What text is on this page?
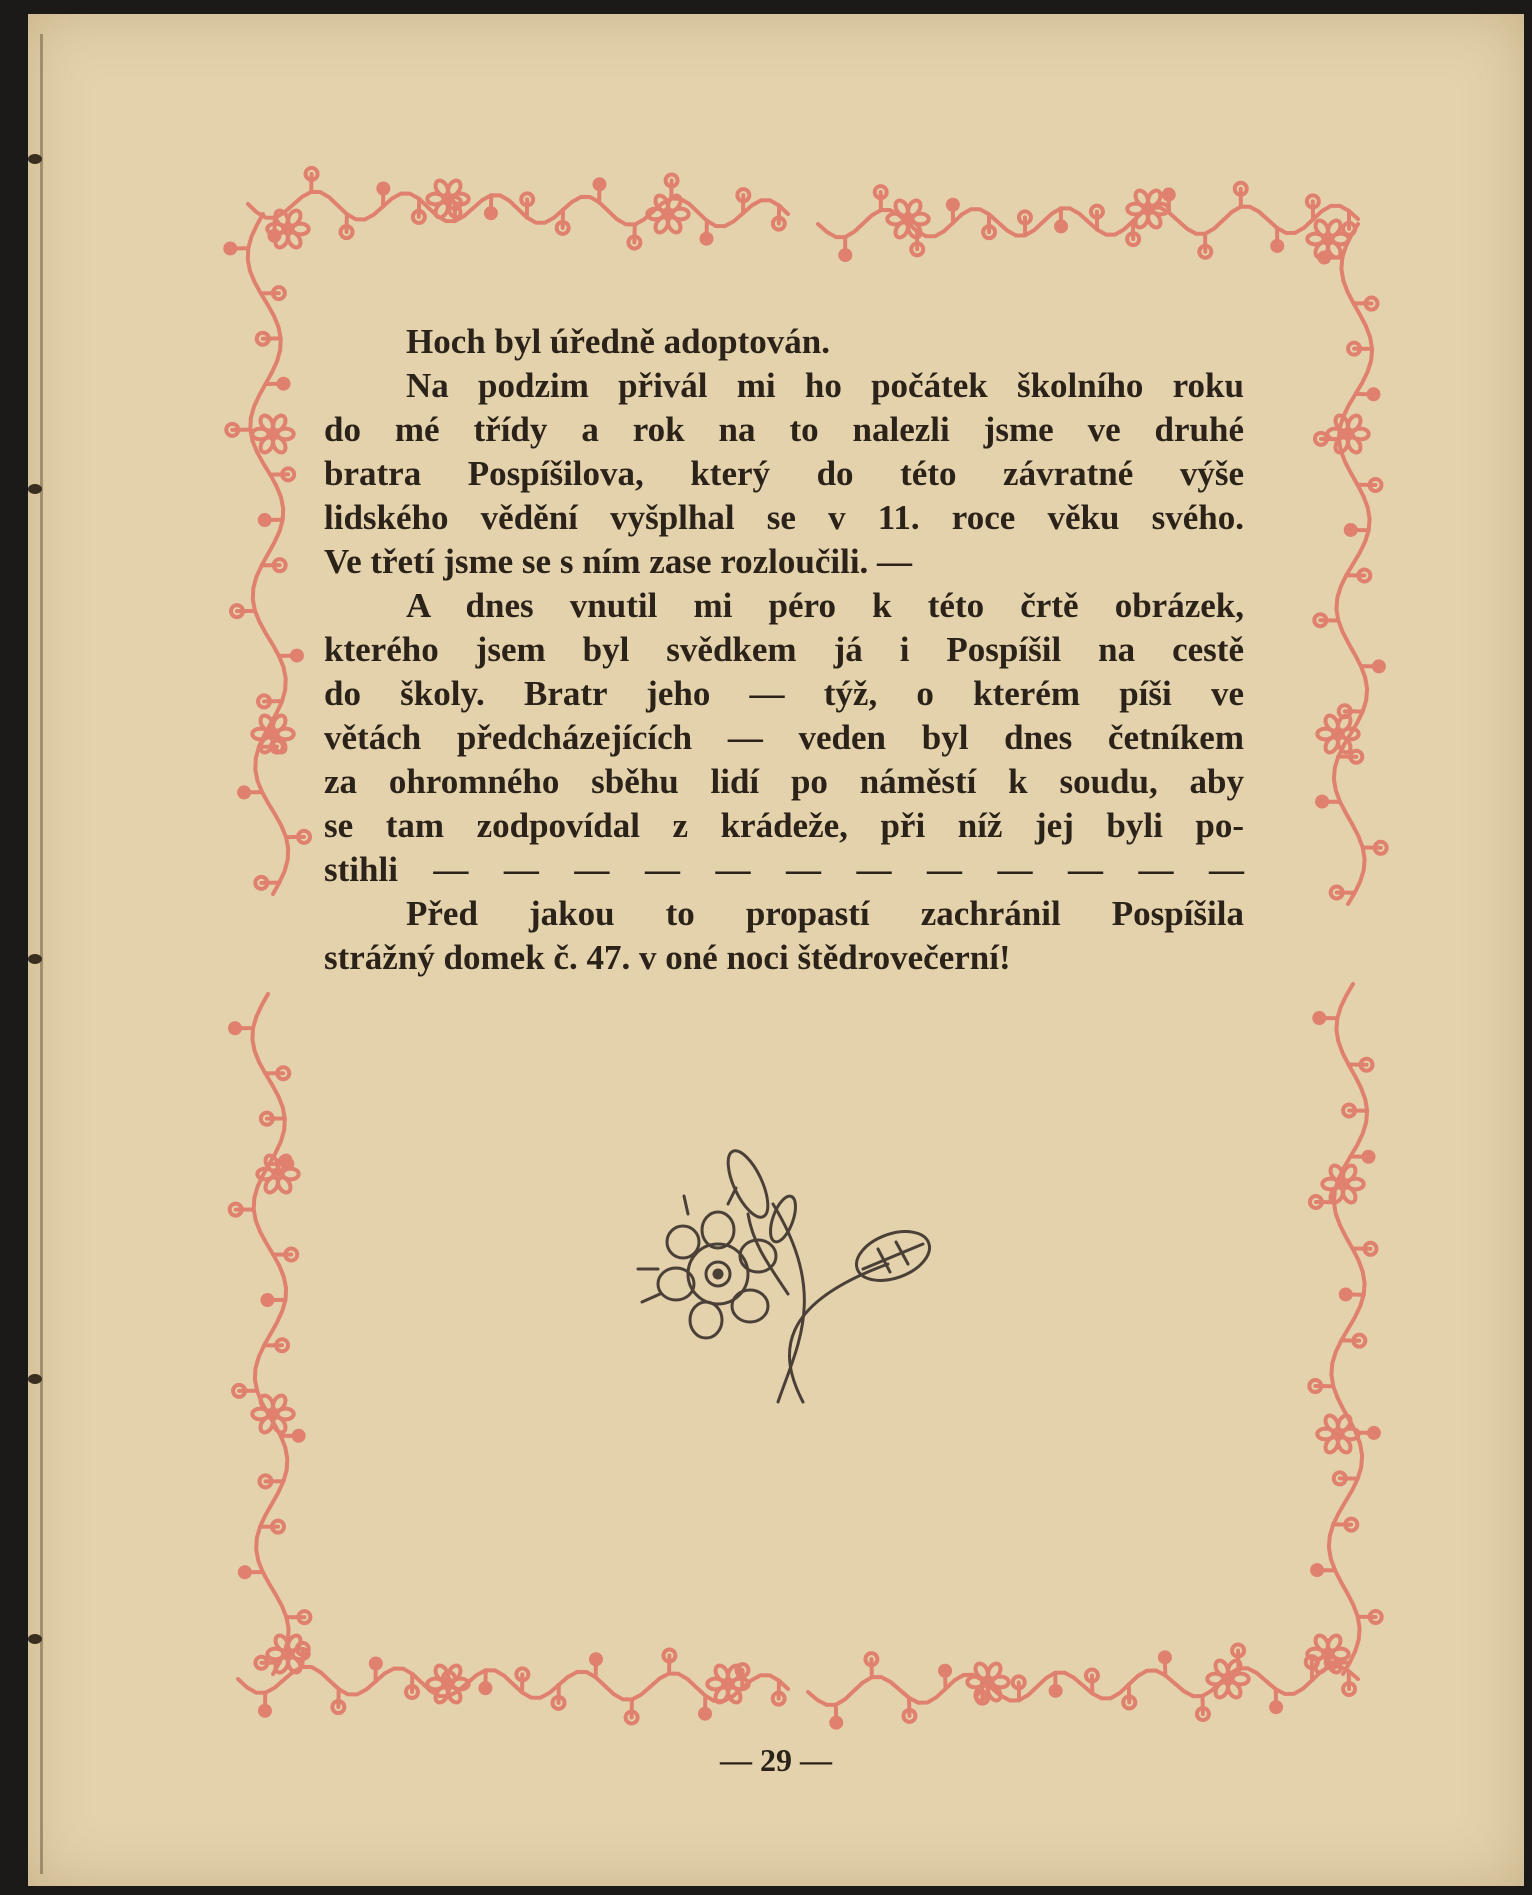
Hoch byl úředně adoptován.
Na podzim přivál mi ho počátek školního roku
do mé třídy a rok na to nalezli jsme ve druhé
bratra Pospíšilova, který do této závratné výše
lidského vědění vyšplhal se v 11. roce věku svého.
Ve třetí jsme se s ním zase rozloučili. —
A dnes vnutil mi péro k této črtě obrázek,
kterého jsem byl svědkem já i Pospíšil na cestě
do školy. Bratr jeho — týž, o kterém píši ve
větách předcházejících — veden byl dnes četníkem
za ohromného sběhu lidí po náměstí k soudu, aby
se tam zodpovídal z krádeže, při níž jej byli po-
stihli — — — — — — — — — — — —
Před jakou to propastí zachránil Pospíšila
strážný domek č. 47. v oné noci štědrovečerní!
— 29 —
